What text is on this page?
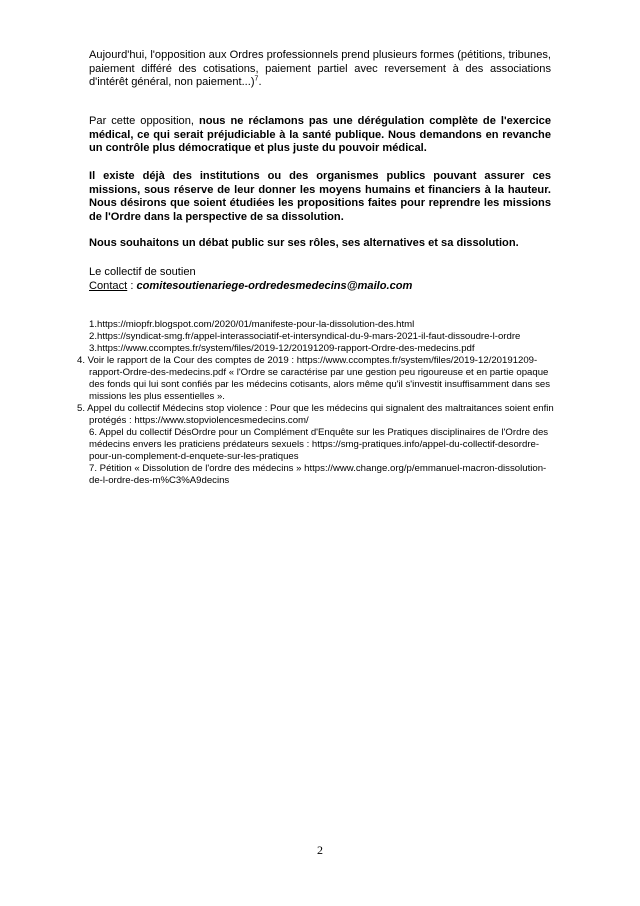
Aujourd'hui, l'opposition aux Ordres professionnels prend plusieurs formes (pétitions, tribunes, paiement différé des cotisations, paiement partiel avec reversement à des associations d'intérêt général, non paiement...)$^7$.

Par cette opposition, nous ne réclamons pas une dérégulation complète de l'exercice médical, ce qui serait préjudiciable à la santé publique. Nous demandons en revanche un contrôle plus démocratique et plus juste du pouvoir médical.

Il existe déjà des institutions ou des organismes publics pouvant assurer ces missions, sous réserve de leur donner les moyens humains et financiers à la hauteur. Nous désirons que soient étudiées les propositions faites pour reprendre les missions de l'Ordre dans la perspective de sa dissolution.

Nous souhaitons un débat public sur ses rôles, ses alternatives et sa dissolution.

Le collectif de soutien
Contact : comitesoutienariege-ordredesmedecins@mailo.com
1.https://miopfr.blogspot.com/2020/01/manifeste-pour-la-dissolution-des.html
2.https://syndicat-smg.fr/appel-interassociatif-et-intersyndical-du-9-mars-2021-il-faut-dissoudre-l-ordre
3.https://www.ccomptes.fr/system/files/2019-12/20191209-rapport-Ordre-des-medecins.pdf
4. Voir le rapport de la Cour des comptes de 2019 : https://www.ccomptes.fr/system/files/2019-12/20191209-rapport-Ordre-des-medecins.pdf « l'Ordre se caractérise par une gestion peu rigoureuse et en partie opaque des fonds qui lui sont confiés par les médecins cotisants, alors même qu'il s'investit insuffisamment dans ses missions les plus essentielles ».
5. Appel du collectif Médecins stop violence : Pour que les médecins qui signalent des maltraitances soient enfin protégés : https://www.stopviolencesmedecins.com/
6. Appel du collectif DésOrdre pour un Complément d'Enquête sur les Pratiques disciplinaires de l'Ordre des médecins envers les praticiens prédateurs sexuels : https://smg-pratiques.info/appel-du-collectif-desordre-pour-un-complement-d-enquete-sur-les-pratiques
7. Pétition « Dissolution de l'ordre des médecins » https://www.change.org/p/emmanuel-macron-dissolution-de-l-ordre-des-m%C3%A9decins
2
